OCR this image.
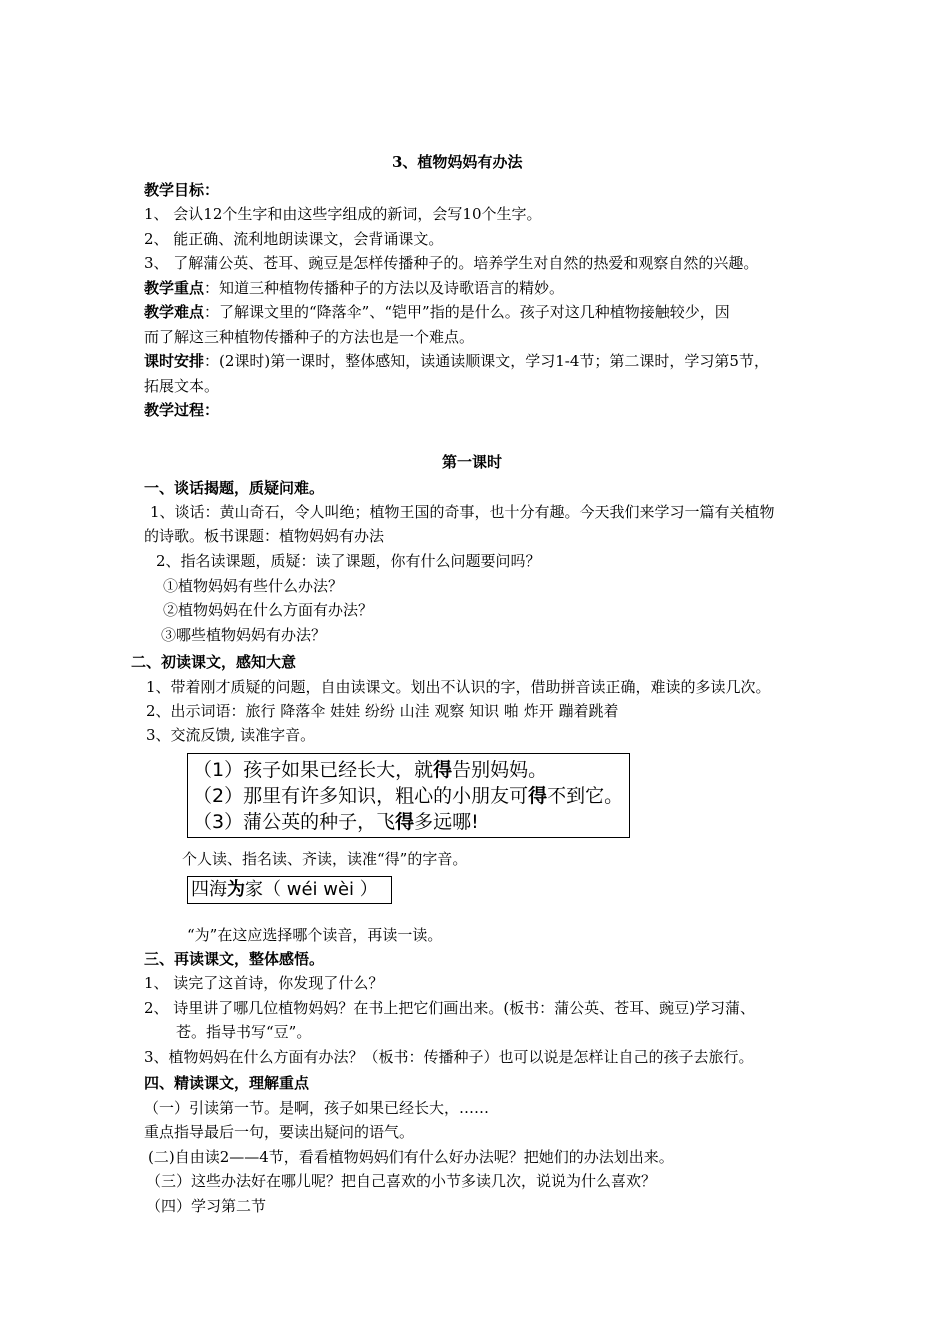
3、植物妈妈有办法
教学目标：
1、 会认12个生字和由这些字组成的新词，会写10个生字。
2、 能正确、流利地朗读课文，会背诵课文。
3、 了解蒲公英、苍耳、豌豆是怎样传播种子的。培养学生对自然的热爱和观察自然的兴趣。
教学重点：知道三种植物传播种子的方法以及诗歌语言的精妙。
教学难点：了解课文里的“降落伞”、“铠甲”指的是什么。孩子对这几种植物接触较少，因
而了解这三种植物传播种子的方法也是一个难点。
课时安排：(2课时)第一课时，整体感知，读通读顺课文，学习1-4节；第二课时，学习第5节，
拓展文本。
教学过程：
第一课时
一、谈话揭题，质疑问难。
1、谈话：黄山奇石，令人叫绝；植物王国的奇事，也十分有趣。今天我们来学习一篇有关植物
的诗歌。板书课题：植物妈妈有办法
2、指名读课题，质疑：读了课题，你有什么问题要问吗？
①植物妈妈有些什么办法？
②植物妈妈在什么方面有办法？
③哪些植物妈妈有办法？
二、初读课文，感知大意
1、带着刚才质疑的问题，自由读课文。划出不认识的字，借助拼音读正确，难读的多读几次。
2、出示词语：旅行 降落伞 娃娃 纷纷 山洼 观察 知识 啪 炸开 蹦着跳着
3、交流反馈, 读准字音。
（1）孩子如果已经长大，就得告别妈妈。
（2）那里有许多知识，粗心的小朋友可得不到它。
（3）蒲公英的种子，飞得多远哪!
个人读、指名读、齐读，读准“得”的字音。
四海为家（ wéi wèi ）
“为”在这应选择哪个读音，再读一读。
三、再读课文，整体感悟。
1、 读完了这首诗，你发现了什么？
2、 诗里讲了哪几位植物妈妈？在书上把它们画出来。(板书：蒲公英、苍耳、豌豆)学习蒲、
苍。指导书写“豆”。
3、植物妈妈在什么方面有办法？（板书：传播种子）也可以说是怎样让自己的孩子去旅行。
四、精读课文，理解重点
（一）引读第一节。是啊，孩子如果已经长大，……
重点指导最后一句，要读出疑问的语气。
(二)自由读2——4节，看看植物妈妈们有什么好办法呢？把她们的办法划出来。
（三）这些办法好在哪儿呢？把自己喜欢的小节多读几次，说说为什么喜欢？
（四）学习第二节
